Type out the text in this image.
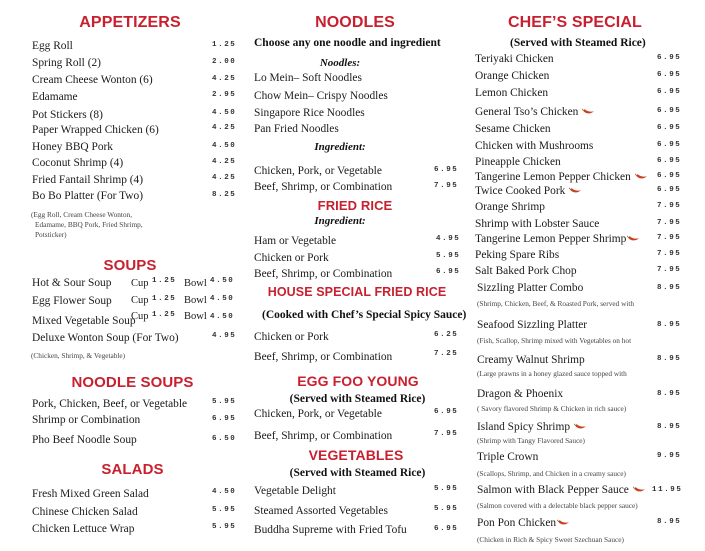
APPETIZERS
Egg Roll	1.25
Spring Roll (2)	2.00
Cream Cheese Wonton (6)	4.25
Edamame	2.95
Pot Stickers (8)	4.50
Paper Wrapped Chicken (6)	4.25
Honey BBQ Pork	4.50
Coconut Shrimp (4)	4.25
Fried Fantail Shrimp (4)	4.25
Bo Bo Platter (For Two)	8.25
(Egg Roll, Cream Cheese Wonton,
Edamame, BBQ Pork, Fried Shrimp,
Potsticker)
SOUPS
Hot & Sour Soup Cup 1.25 Bowl 4.50
Egg Flower Soup Cup 1.25 Bowl 4.50
Mixed Vegetable Soup
Cup 1.25 Bowl 4.50
Deluxe Wonton Soup (For Two)	4.95
(Chicken, Shrimp, & Vegetable)
NOODLE SOUPS
Pork, Chicken, Beef, or Vegetable	5.95
Shrimp or Combination	6.95
Pho Beef Noodle Soup	6.50
SALADS
Fresh Mixed Green Salad	4.50
Chinese Chicken Salad	5.95
Chicken Lettuce Wrap	5.95
NOODLES
Choose any one noodle and ingredient
Noodles:
Lo Mein– Soft Noodles
Chow Mein– Crispy Noodles
Singapore Rice Noodles
Pan Fried Noodles
Ingredient:
Chicken, Pork, or Vegetable	6.95
Beef, Shrimp, or Combination	7.95
FRIED RICE
Ingredient:
Ham or Vegetable	4.95
Chicken or Pork	5.95
Beef, Shrimp, or Combination	6.95
HOUSE SPECIAL FRIED RICE
(Cooked with Chef’s Special Spicy Sauce)
Chicken or Pork	6.25
Beef, Shrimp, or Combination	7.25
EGG FOO YOUNG
(Served with Steamed Rice)
Chicken, Pork, or Vegetable	6.95
Beef, Shrimp, or Combination	7.95
VEGETABLES
(Served with Steamed Rice)
Vegetable Delight	5.95
Steamed Assorted Vegetables	5.95
Buddha Supreme with Fried Tofu	6.95
CHEF’S SPECIAL
(Served with Steamed Rice)
Teriyaki Chicken	6.95
Orange Chicken	6.95
Lemon Chicken	6.95
General Tso’s Chicken	6.95
Sesame Chicken	6.95
Chicken with Mushrooms	6.95
Pineapple Chicken	6.95
Tangerine Lemon Pepper Chicken	6.95
Twice Cooked Pork	6.95
Orange Shrimp	7.95
Shrimp with Lobster Sauce	7.95
Tangerine Lemon Pepper Shrimp	7.95
Peking Spare Ribs	7.95
Salt Baked Pork Chop	7.95
Sizzling Platter Combo	8.95
(Shrimp, Chicken, Beef, & Roasted Pork, served with
Seafood Sizzling Platter	8.95
(Fish, Scallop, Shrimp mixed with Vegetables on hot
Creamy Walnut Shrimp	8.95
(Large prawns in a honey glazed sauce topped with
Dragon & Phoenix	8.95
( Savory flavored Shrimp & Chicken in rich sauce)
Island Spicy Shrimp	8.95
(Shrimp with Tangy Flavored Sauce)
Triple Crown	9.95
(Scallops, Shrimp, and Chicken in a creamy sauce)
Salmon with Black Pepper Sauce	11.95
(Salmon covered with a delectable black pepper sauce)
Pon Pon Chicken	8.95
(Chicken in Rich & Spicy Sweet Szechuan Sauce)
